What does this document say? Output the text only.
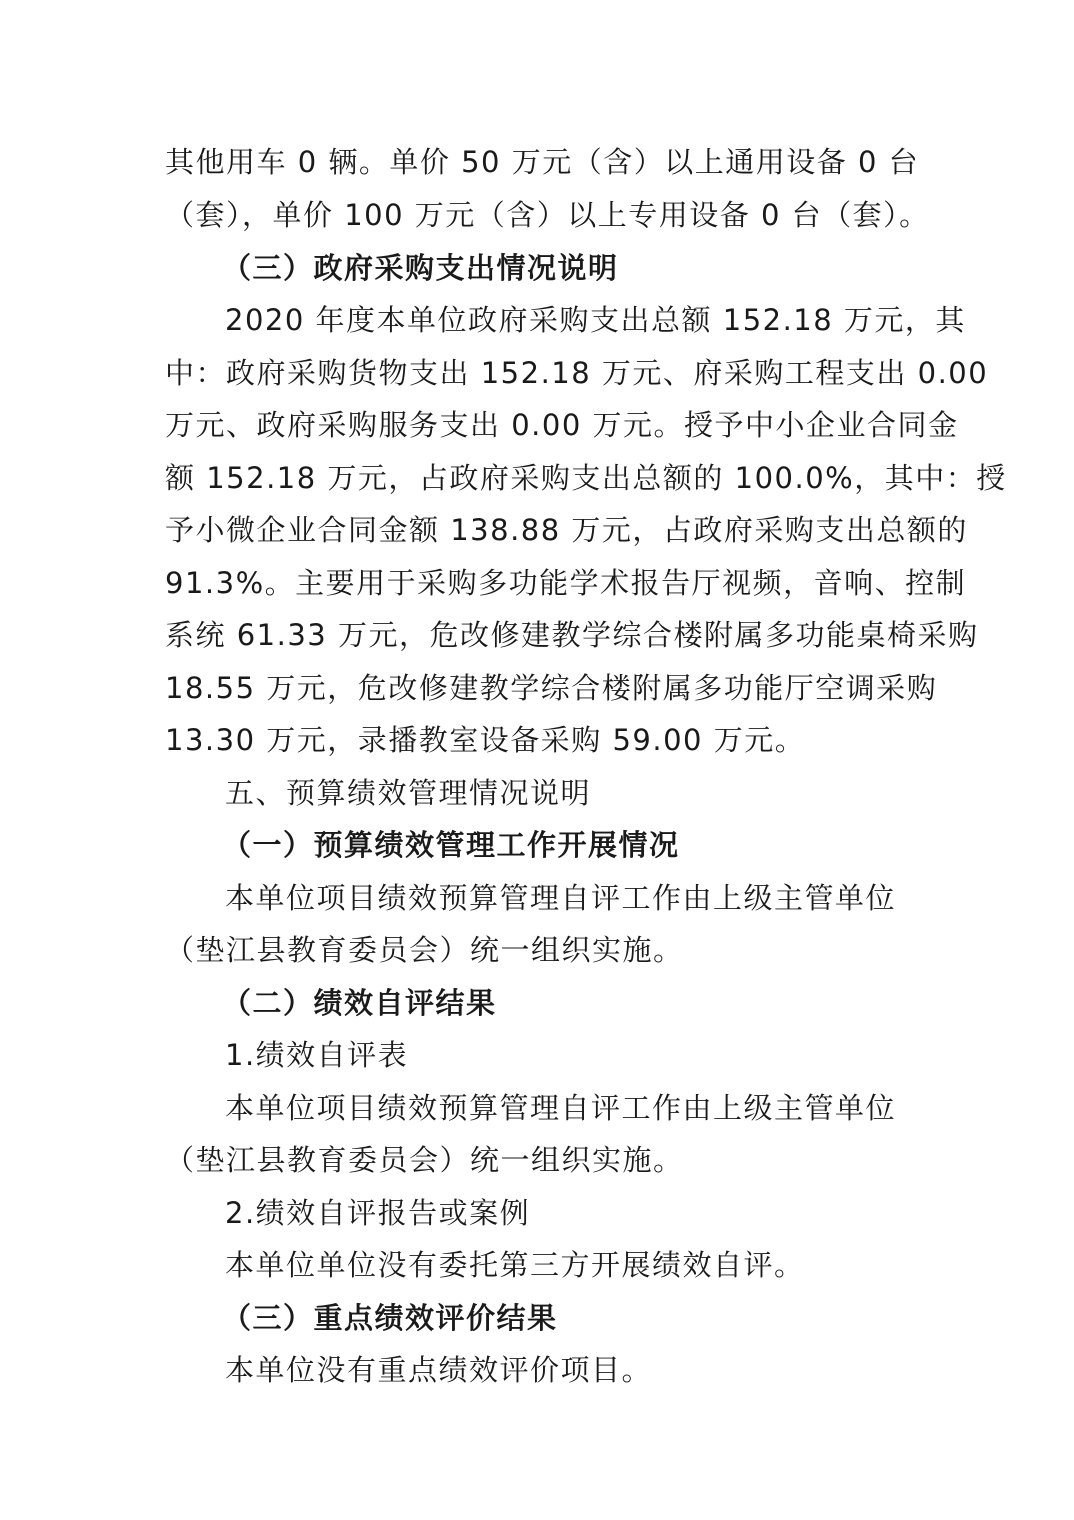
其他用车 0 辆。单价 50 万元（含）以上通用设备 0 台
（套），单价 100 万元（含）以上专用设备 0 台（套）。
（三）政府采购支出情况说明
2020 年度本单位政府采购支出总额 152.18 万元，其
中：政府采购货物支出 152.18 万元、府采购工程支出 0.00
万元、政府采购服务支出 0.00 万元。授予中小企业合同金
额 152.18 万元，占政府采购支出总额的 100.0%，其中：授
予小微企业合同金额 138.88 万元，占政府采购支出总额的
91.3%。主要用于采购多功能学术报告厅视频，音响、控制
系统 61.33 万元，危改修建教学综合楼附属多功能桌椅采购
18.55 万元，危改修建教学综合楼附属多功能厅空调采购
13.30 万元，录播教室设备采购 59.00 万元。
五、预算绩效管理情况说明
（一）预算绩效管理工作开展情况
本单位项目绩效预算管理自评工作由上级主管单位
（垫江县教育委员会）统一组织实施。
（二）绩效自评结果
1.绩效自评表
本单位项目绩效预算管理自评工作由上级主管单位
（垫江县教育委员会）统一组织实施。
2.绩效自评报告或案例
本单位单位没有委托第三方开展绩效自评。
（三）重点绩效评价结果
本单位没有重点绩效评价项目。
